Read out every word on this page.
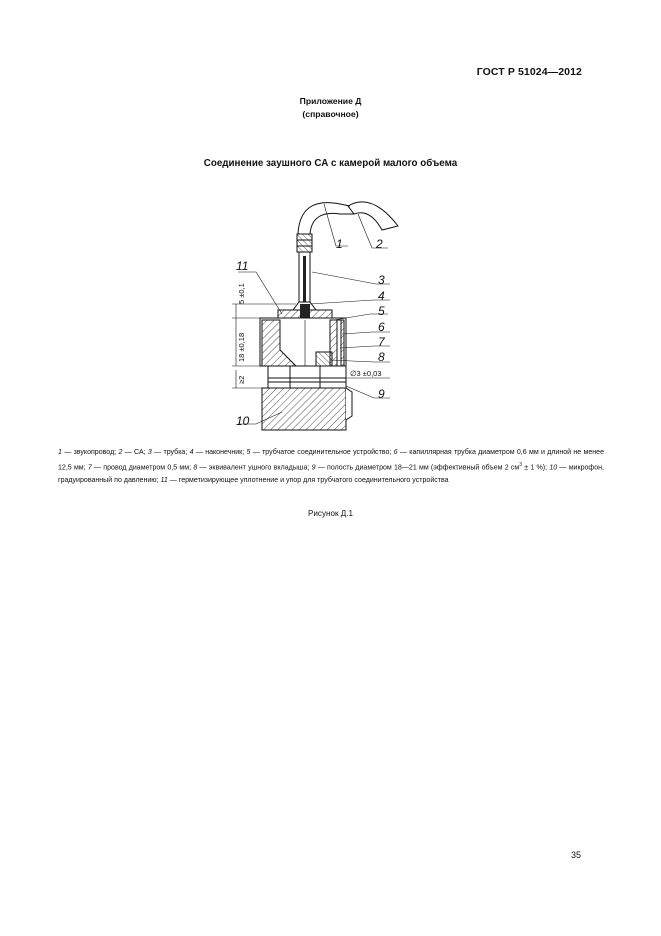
ГОСТ Р 51024—2012
Приложение Д
(справочное)
Соединение заушного СА с камерой малого объема
1	2
3
4
5
6
7
8
9
10
11
5 ±0,1
18 ±0,18
≥2
∅3 ±0,03

1 — звукопровод; 2 — СА; 3 — трубка; 4 — наконечник; 5 — трубчатое соединительное устройство; 6 — капиллярная трубка диаметром 0,6 мм и длиной не менее 12,5 мм; 7 — провод диаметром 0,5 мм; 8 — эквивалент ушного вкладыша; 9 — полость диаметром 18—21 мм (эффективный объем 2 $см^3 \pm 1$ %); 10 — микрофон, градуированный по давлению; 11 — герметизирующее уплотнение и упор для трубчатого соединительного устройства

Рисунок Д.1
35
